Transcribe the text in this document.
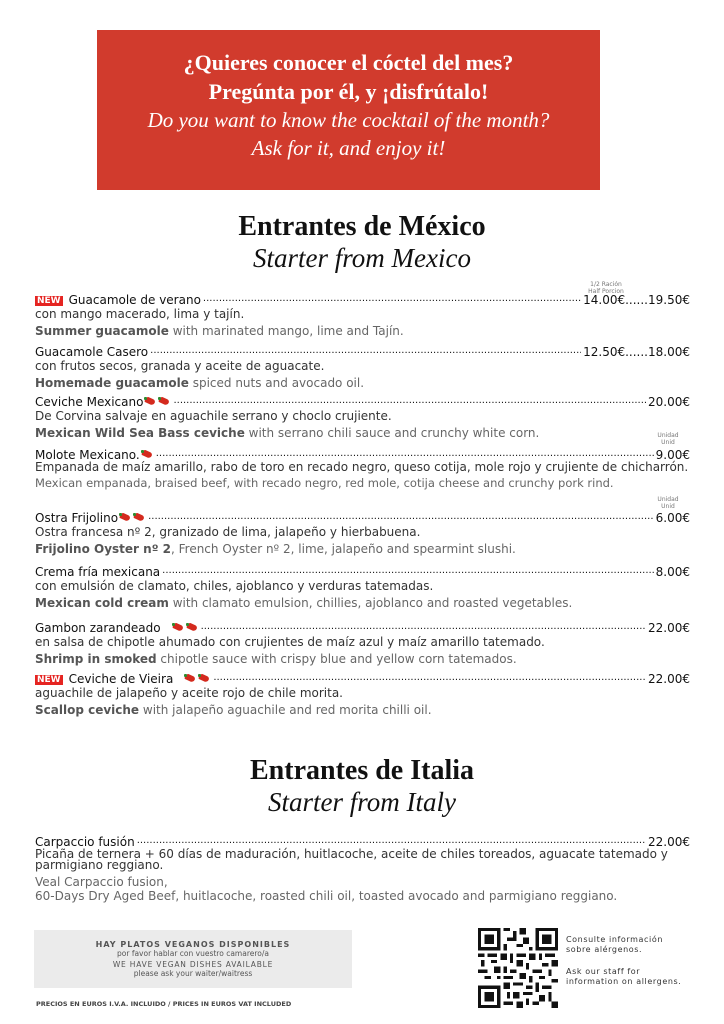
¿Quieres conocer el cóctel del mes?
Pregúnta por él, y ¡disfrútalo!
Do you want to know the cocktail of the month?
Ask for it, and enjoy it!
Entrantes de México
Starter from Mexico
1/2 Ración
Half Porcion
Unidad
Unid
Unidad
Unid
NEW Guacamole de verano .....	14.00€......19.50€
con mango macerado, lima y tajín.
Summer guacamole with marinated mango, lime and Tajín.
Guacamole Casero .....	12.50€......18.00€
con frutos secos, granada y aceite de aguacate.
Homemade guacamole spiced nuts and avocado oil.
Ceviche Mexicano .....	20.00€
De Corvina salvaje en aguachile serrano y choclo crujiente.
Mexican Wild Sea Bass ceviche with serrano chili sauce and crunchy white corn.
Molote Mexicano. .....	9.00€
Empanada de maíz amarillo, rabo de toro en recado negro, queso cotija, mole rojo y crujiente de chicharrón.
Mexican empanada, braised beef, with recado negro, red mole, cotija cheese and crunchy pork rind.
Ostra Frijolino .....	6.00€
Ostra francesa nº 2, granizado de lima, jalapeño y hierbabuena.
Frijolino Oyster nº 2, French Oyster nº 2, lime, jalapeño and spearmint slushi.
Crema fría mexicana .....	8.00€
con emulsión de clamato, chiles, ajoblanco y verduras tatemadas.
Mexican cold cream with clamato emulsion, chillies, ajoblanco and roasted vegetables.
Gambon zarandeado .....	22.00€
en salsa de chipotle ahumado con crujientes de maíz azul y maíz amarillo tatemado.
Shrimp in smoked chipotle sauce with crispy blue and yellow corn tatemados.
NEW Ceviche de Vieira .....	22.00€
aguachile de jalapeño y aceite rojo de chile morita.
Scallop ceviche with jalapeño aguachile and red morita chilli oil.
Entrantes de Italia
Starter from Italy
Carpaccio fusión .....	22.00€
Picaña de ternera + 60 días de maduración, huitlacoche, aceite de chiles toreados, aguacate tatemado y parmigiano reggiano.
Veal Carpaccio fusion,
60-Days Dry Aged Beef, huitlacoche, roasted chili oil, toasted avocado and parmigiano reggiano.
HAY PLATOS VEGANOS DISPONIBLES
por favor hablar con vuestro camarero/a
WE HAVE VEGAN DISHES AVAILABLE
please ask your waiter/waitress
PRECIOS EN EUROS I.V.A. INCLUIDO / PRICES IN EUROS VAT INCLUDED
Consulte información sobre alérgenos.
Ask our staff for information on allergens.
